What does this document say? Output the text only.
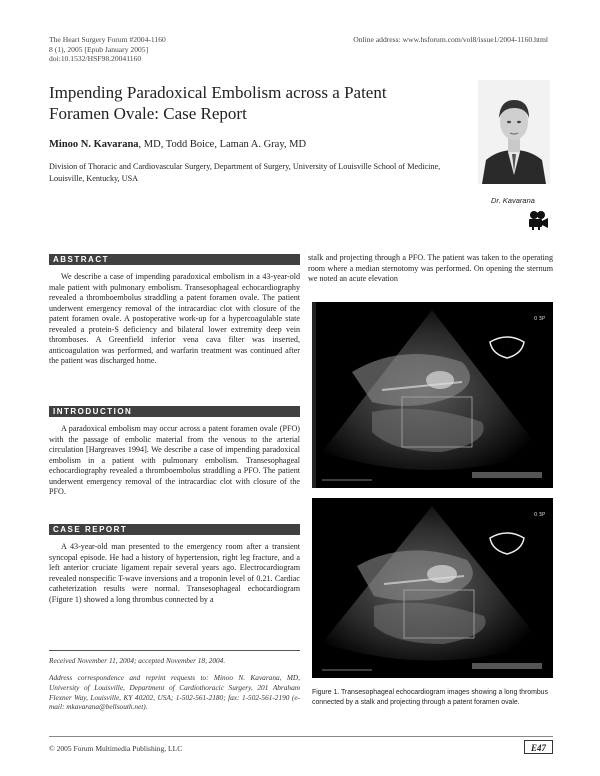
The Heart Surgery Forum #2004-1160
8 (1), 2005 [Epub January 2005]
doi:10.1532/HSF98.20041160
Online address: www.hsforum.com/vol8/issue1/2004-1160.html
Impending Paradoxical Embolism across a Patent Foramen Ovale: Case Report
Minoo N. Kavarana, MD, Todd Boice, Laman A. Gray, MD
Division of Thoracic and Cardiovascular Surgery, Department of Surgery, University of Louisville School of Medicine, Louisville, Kentucky, USA
Dr. Kavarana
ABSTRACT

We describe a case of impending paradoxical embolism in a 43-year-old male patient with pulmonary embolism. Transesophageal echocardiography revealed a thromboembolus straddling a patent foramen ovale. The patient underwent emergency removal of the intracardiac clot with closure of the patent foramen ovale. A postoperative work-up for a hypercoagulable state revealed a protein-S deficiency and bilateral lower extremity deep vein thromboses. A Greenfield inferior vena cava filter was inserted, anticoagulation was performed, and warfarin treatment was continued after the patient was discharged home.

INTRODUCTION

A paradoxical embolism may occur across a patent foramen ovale (PFO) with the passage of embolic material from the venous to the arterial circulation [Hargreaves 1994]. We describe a case of impending paradoxical embolism in a patient with pulmonary embolism. Transesophageal echocardiography revealed a thromboembolus straddling a PFO. The patient underwent emergency removal of the intracardiac clot with closure of the PFO.

CASE REPORT

A 43-year-old man presented to the emergency room after a transient syncopal episode. He had a history of hypertension, right leg fracture, and a left anterior cruciate ligament repair several years ago. Electrocardiogram revealed nonspecific T-wave inversions and a troponin level of 0.21. Cardiac catheterization results were normal. Transesophageal echocardiogram (Figure 1) showed a long thrombus connected by a

stalk and projecting through a PFO. The patient was taken to the operating room where a median sternotomy was performed. On opening the sternum we noted an acute elevation

Received November 11, 2004; accepted November 18, 2004.
Address correspondence and reprint requests to: Minoo N. Kavarana, MD, University of Louisville, Department of Cardiothoracic Surgery, 201 Abraham Flexner Way, Louisville, KY 40202, USA; 1-502-561-2180; fax: 1-502-561-2190 (e-mail: mkavarana@bellsouth.net).
0 3P
0 3P
Figure 1. Transesophageal echocardiogram images showing a long thrombus connected by a stalk and projecting through a patent foramen ovale.
© 2005 Forum Multimedia Publishing, LLC	E47
